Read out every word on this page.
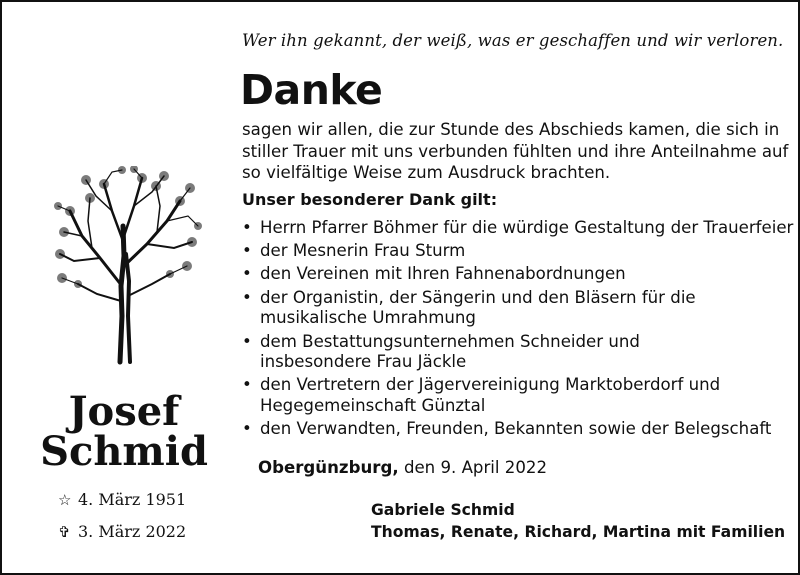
Wer ihn gekannt, der weiß, was er geschaffen und wir verloren.
Danke
sagen wir allen, die zur Stunde des Abschieds kamen, die sich in
stiller Trauer mit uns verbunden fühlten und ihre Anteilnahme auf
so vielfältige Weise zum Ausdruck brachten.
Unser besonderer Dank gilt:
• Herrn Pfarrer Böhmer für die würdige Gestaltung der Trauerfeier
• der Mesnerin Frau Sturm
• den Vereinen mit Ihren Fahnenabordnungen
• der Organistin, der Sängerin und den Bläsern für die
musikalische Umrahmung
• dem Bestattungsunternehmen Schneider und
insbesondere Frau Jäckle
• den Vertretern der Jägervereinigung Marktoberdorf und
Hegegemeinschaft Günztal
• den Verwandten, Freunden, Bekannten sowie der Belegschaft
Obergünzburg, den 9. April 2022
Gabriele Schmid
Thomas, Renate, Richard, Martina mit Familien
Josef
Schmid
☆ 4. März 1951
✞ 3. März 2022
